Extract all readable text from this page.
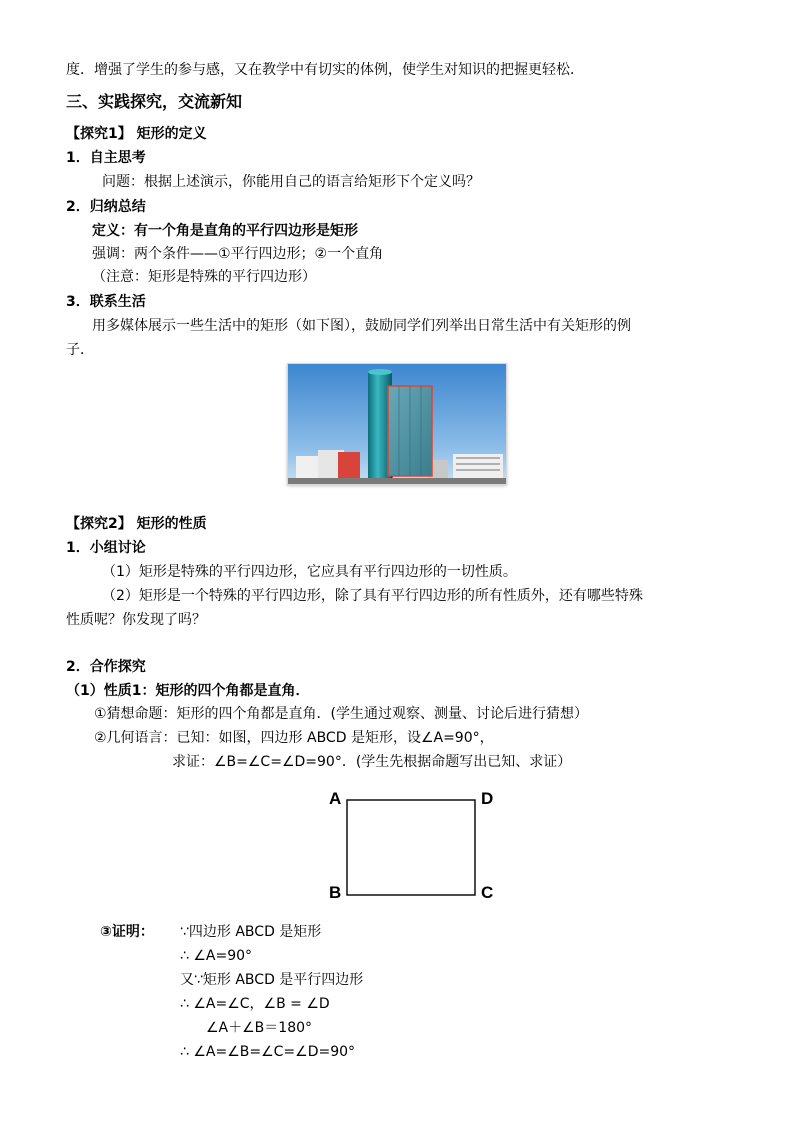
度．增强了学生的参与感，又在教学中有切实的体例，使学生对知识的把握更轻松．
三、实践探究，交流新知
【探究1】 矩形的定义
1．自主思考
问题：根据上述演示，你能用自己的语言给矩形下个定义吗？
2．归纳总结
定义：有一个角是直角的平行四边形是矩形
强调：两个条件——①平行四边形；②一个直角
（注意：矩形是特殊的平行四边形）
3．联系生活
用多媒体展示一些生活中的矩形（如下图），鼓励同学们列举出日常生活中有关矩形的例
子．
【探究2】 矩形的性质
1．小组讨论
（1）矩形是特殊的平行四边形，它应具有平行四边形的一切性质。
（2）矩形是一个特殊的平行四边形，除了具有平行四边形的所有性质外，还有哪些特殊
性质呢？你发现了吗？
2．合作探究
（1）性质1：矩形的四个角都是直角．
①猜想命题：矩形的四个角都是直角．(学生通过观察、测量、讨论后进行猜想）
②几何语言：已知：如图，四边形 ABCD 是矩形，设∠A=90°，
求证：∠B=∠C=∠D=90°．(学生先根据命题写出已知、求证）
A	D
B	C
③证明： ∵四边形 ABCD 是矩形
∴ ∠A=90°
又∵矩形 ABCD 是平行四边形
∴ ∠A=∠C，∠B = ∠D
∠A＋∠B＝180°
∴ ∠A=∠B=∠C=∠D=90°
